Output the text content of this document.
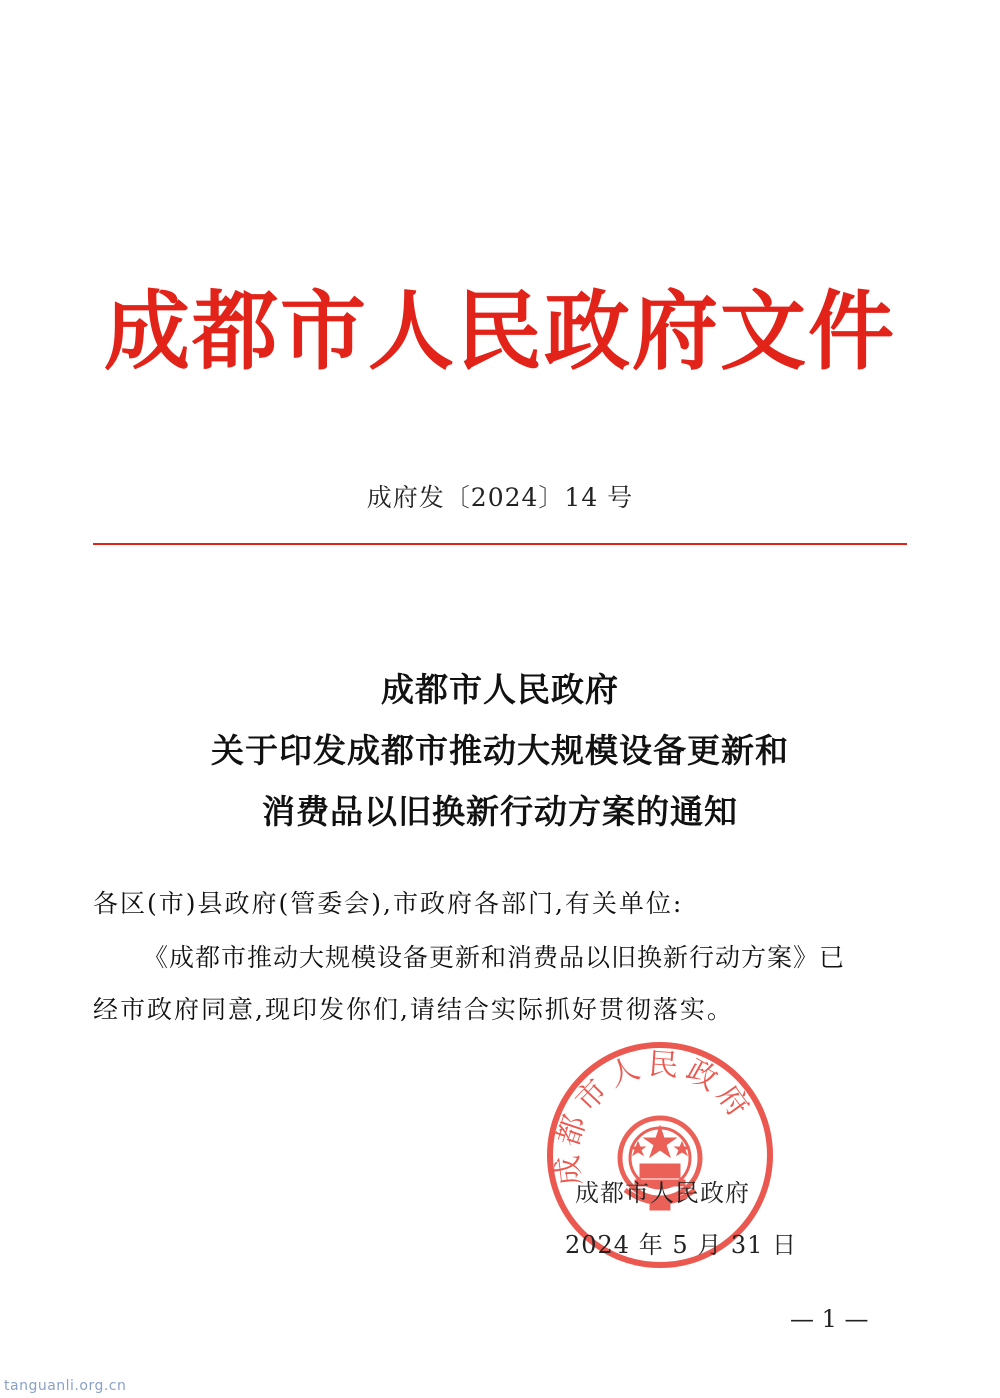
成都市人民政府文件
成府发〔2024〕14 号
成都市人民政府
关于印发成都市推动大规模设备更新和
消费品以旧换新行动方案的通知
各区(市)县政府(管委会),市政府各部门,有关单位:
《成都市推动大规模设备更新和消费品以旧换新行动方案》已
经市政府同意,现印发你们,请结合实际抓好贯彻落实。
成都市人民政府
成都市人民政府
2024 年 5 月 31 日
— 1 —
tanguanli.org.cn
